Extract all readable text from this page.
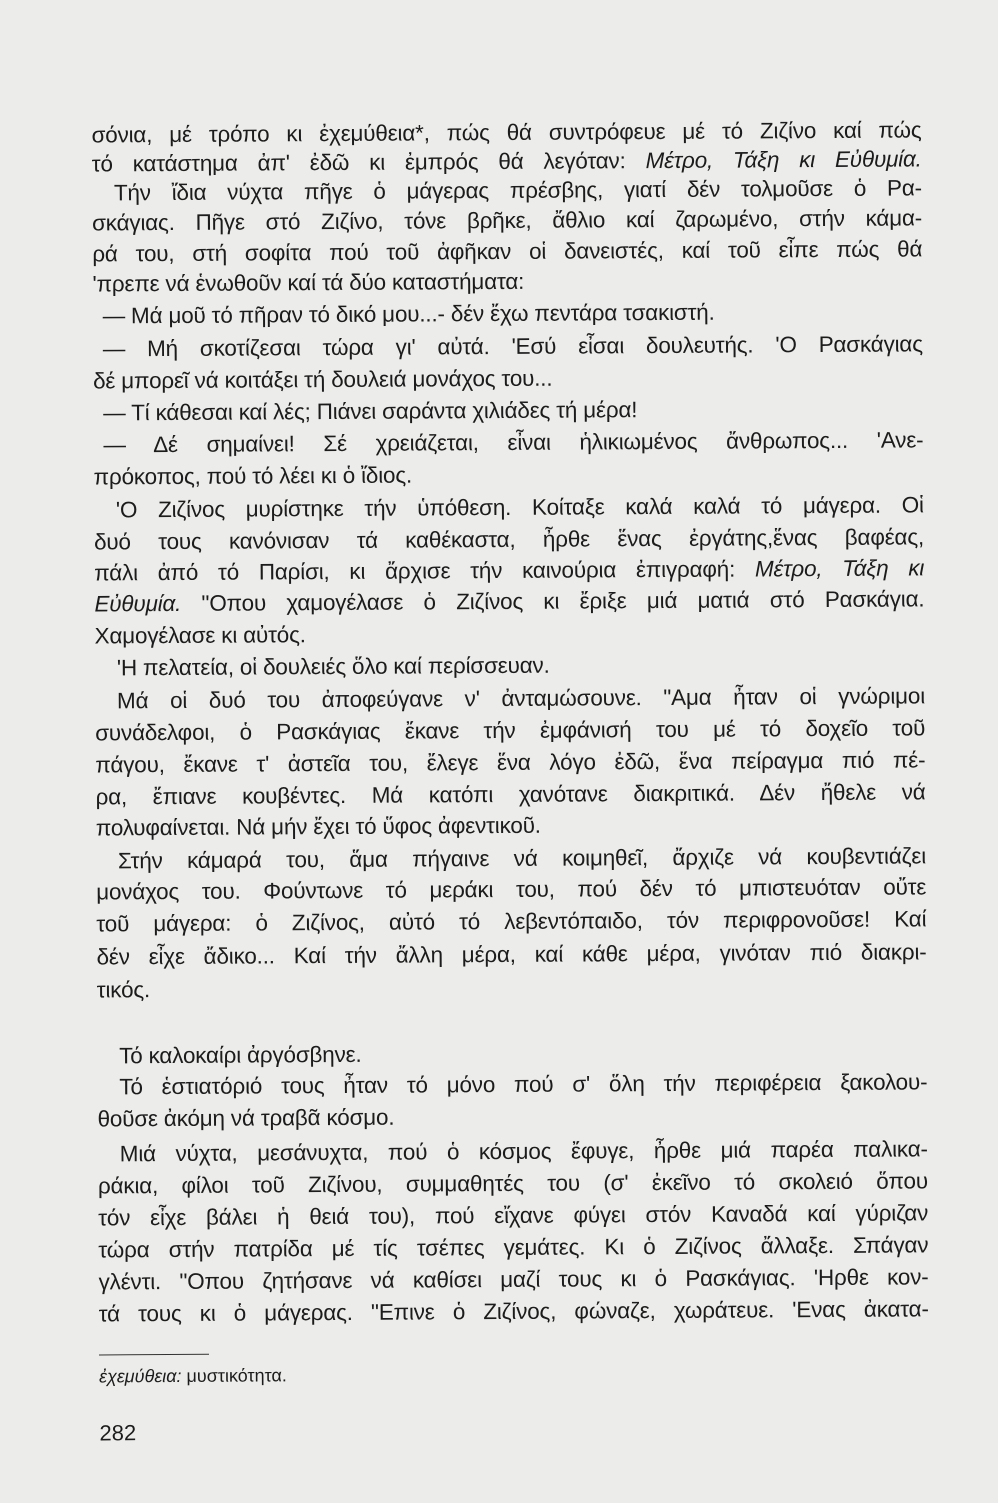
σόνια, μέ τρόπο κι ἐχεμύθεια*, πώς θά συντρόφευε μέ τό Ζιζίνο καί πώς
τό κατάστημα ἀπ' ἐδῶ κι ἐμπρός θά λεγόταν: Μέτρο, Τάξη κι Εὐθυμία.
Τήν ἴδια νύχτα πῆγε ὁ μάγερας πρέσβης, γιατί δέν τολμοῦσε ὁ Ρα-
σκάγιας. Πῆγε στό Ζιζίνο, τόνε βρῆκε, ἄθλιο καί ζαρωμένο, στήν κάμα-
ρά του, στή σοφίτα πού τοῦ ἀφῆκαν οἱ δανειστές, καί τοῦ εἶπε πώς θά
'πρεπε νά ἑνωθοῦν καί τά δύο καταστήματα:
— Μά μοῦ τό πῆραν τό δικό μου...- δέν ἔχω πεντάρα τσακιστή.
— Μή σκοτίζεσαι τώρα γι' αὐτά. 'Εσύ εἶσαι δουλευτής. 'Ο Ρασκάγιας
δέ μπορεῖ νά κοιτάξει τή δουλειά μονάχος του...
— Τί κάθεσαι καί λές; Πιάνει σαράντα χιλιάδες τή μέρα!
— Δέ σημαίνει! Σέ χρειάζεται, εἶναι ἡλικιωμένος ἄνθρωπος... 'Ανε-
πρόκοπος, πού τό λέει κι ὁ ἴδιος.
'Ο Ζιζίνος μυρίστηκε τήν ὑπόθεση. Κοίταξε καλά καλά τό μάγερα. Οἱ
δυό τους κανόνισαν τά καθέκαστα, ἦρθε ἕνας ἐργάτης,ἕνας βαφέας,
πάλι ἀπό τό Παρίσι, κι ἄρχισε τήν καινούρια ἐπιγραφή: Μέτρο, Τάξη κι
Εὐθυμία. "Οπου χαμογέλασε ὁ Ζιζίνος κι ἔριξε μιά ματιά στό Ρασκάγια.
Χαμογέλασε κι αὐτός.
'Η πελατεία, οἱ δουλειές ὅλο καί περίσσευαν.
Μά οἱ δυό του ἀποφεύγανε ν' ἀνταμώσουνε. "Αμα ἦταν οἱ γνώριμοι
συνάδελφοι, ὁ Ρασκάγιας ἔκανε τήν ἐμφάνισή του μέ τό δοχεῖο τοῦ
πάγου, ἔκανε τ' ἀστεῖα του, ἔλεγε ἕνα λόγο ἐδῶ, ἕνα πείραγμα πιό πέ-
ρα, ἔπιανε κουβέντες. Μά κατόπι χανότανε διακριτικά. Δέν ἤθελε νά
πολυφαίνεται. Νά μήν ἔχει τό ὕφος ἀφεντικοῦ.
Στήν κάμαρά του, ἅμα πήγαινε νά κοιμηθεῖ, ἄρχιζε νά κουβεντιάζει
μονάχος του. Φούντωνε τό μεράκι του, πού δέν τό μπιστευόταν οὔτε
τοῦ μάγερα: ὁ Ζιζίνος, αὐτό τό λεβεντόπαιδο, τόν περιφρονοῦσε! Καί
δέν εἶχε ἄδικο... Καί τήν ἄλλη μέρα, καί κάθε μέρα, γινόταν πιό διακρι-
τικός.
Τό καλοκαίρι ἀργόσβηνε.
Τό ἑστιατόριό τους ἦταν τό μόνο πού σ' ὅλη τήν περιφέρεια ξακολου-
θοῦσε ἀκόμη νά τραβᾶ κόσμο.
Μιά νύχτα, μεσάνυχτα, πού ὁ κόσμος ἔφυγε, ἦρθε μιά παρέα παλικα-
ράκια, φίλοι τοῦ Ζιζίνου, συμμαθητές του (σ' ἐκεῖνο τό σκολειό ὅπου
τόν εἶχε βάλει ἡ θειά του), πού εἴχανε φύγει στόν Καναδά καί γύριζαν
τώρα στήν πατρίδα μέ τίς τσέπες γεμάτες. Κι ὁ Ζιζίνος ἄλλαξε. Σπάγαν
γλέντι. "Οπου ζητήσανε νά καθίσει μαζί τους κι ὁ Ρασκάγιας. 'Ηρθε κον-
τά τους κι ὁ μάγερας. "Επινε ὁ Ζιζίνος, φώναζε, χωράτευε. 'Ενας ἀκατα-
ἐχεμύθεια: μυστικότητα.
282
